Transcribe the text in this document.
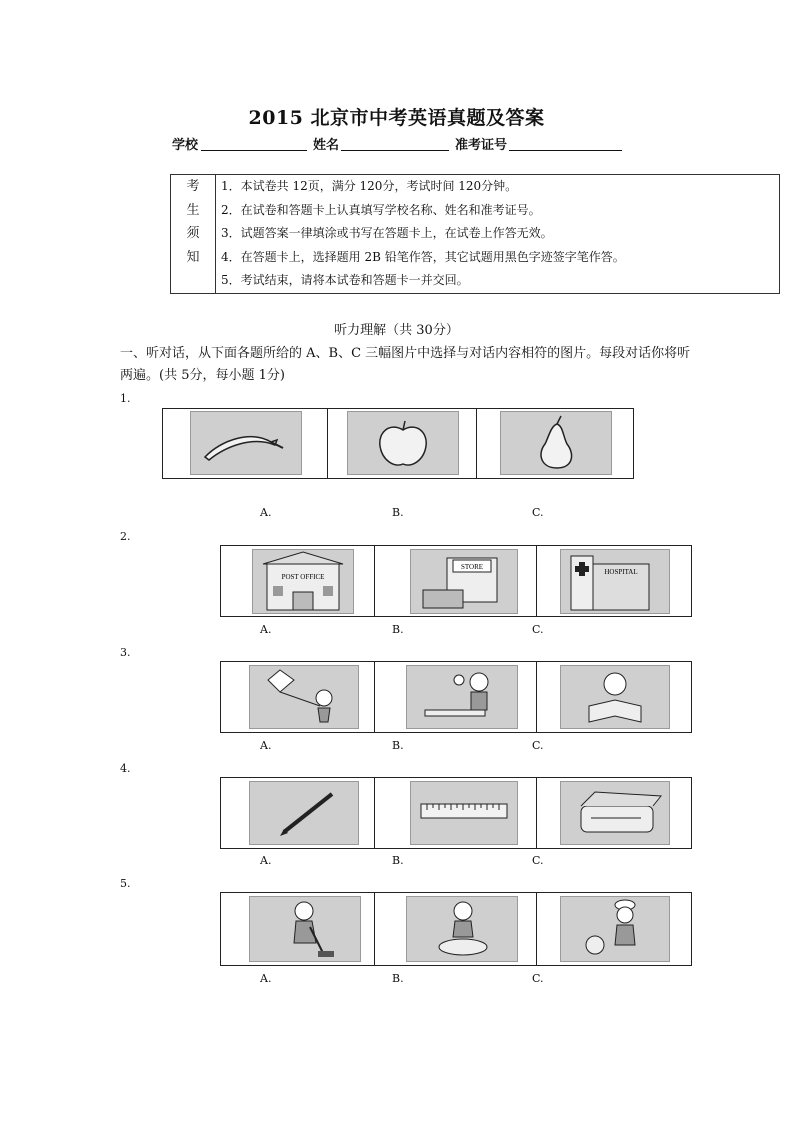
2015 北京市中考英语真题及答案
学校	姓名	准考证号
考
生
须
知

1．本试卷共 12页，满分 120分，考试时间 120分钟。
2．在试卷和答题卡上认真填写学校名称、姓名和准考证号。
3．试题答案一律填涂或书写在答题卡上，在试卷上作答无效。
4．在答题卡上，选择题用 2B 铅笔作答，其它试题用黑色字迹签字笔作答。
5．考试结束，请将本试卷和答题卡一并交回。
听力理解（共 30分）
一、听对话，从下面各题所给的 A、B、C 三幅图片中选择与对话内容相符的图片。每段对话你将听两遍。(共 5分，每小题 1分)
1.
A.	B.	C.
2.
POST OFFICE
STORE
HOSPITAL
A.	B.	C.
3.
A.	B.	C.
4.
A.	B.	C.
5.
A.	B.	C.
